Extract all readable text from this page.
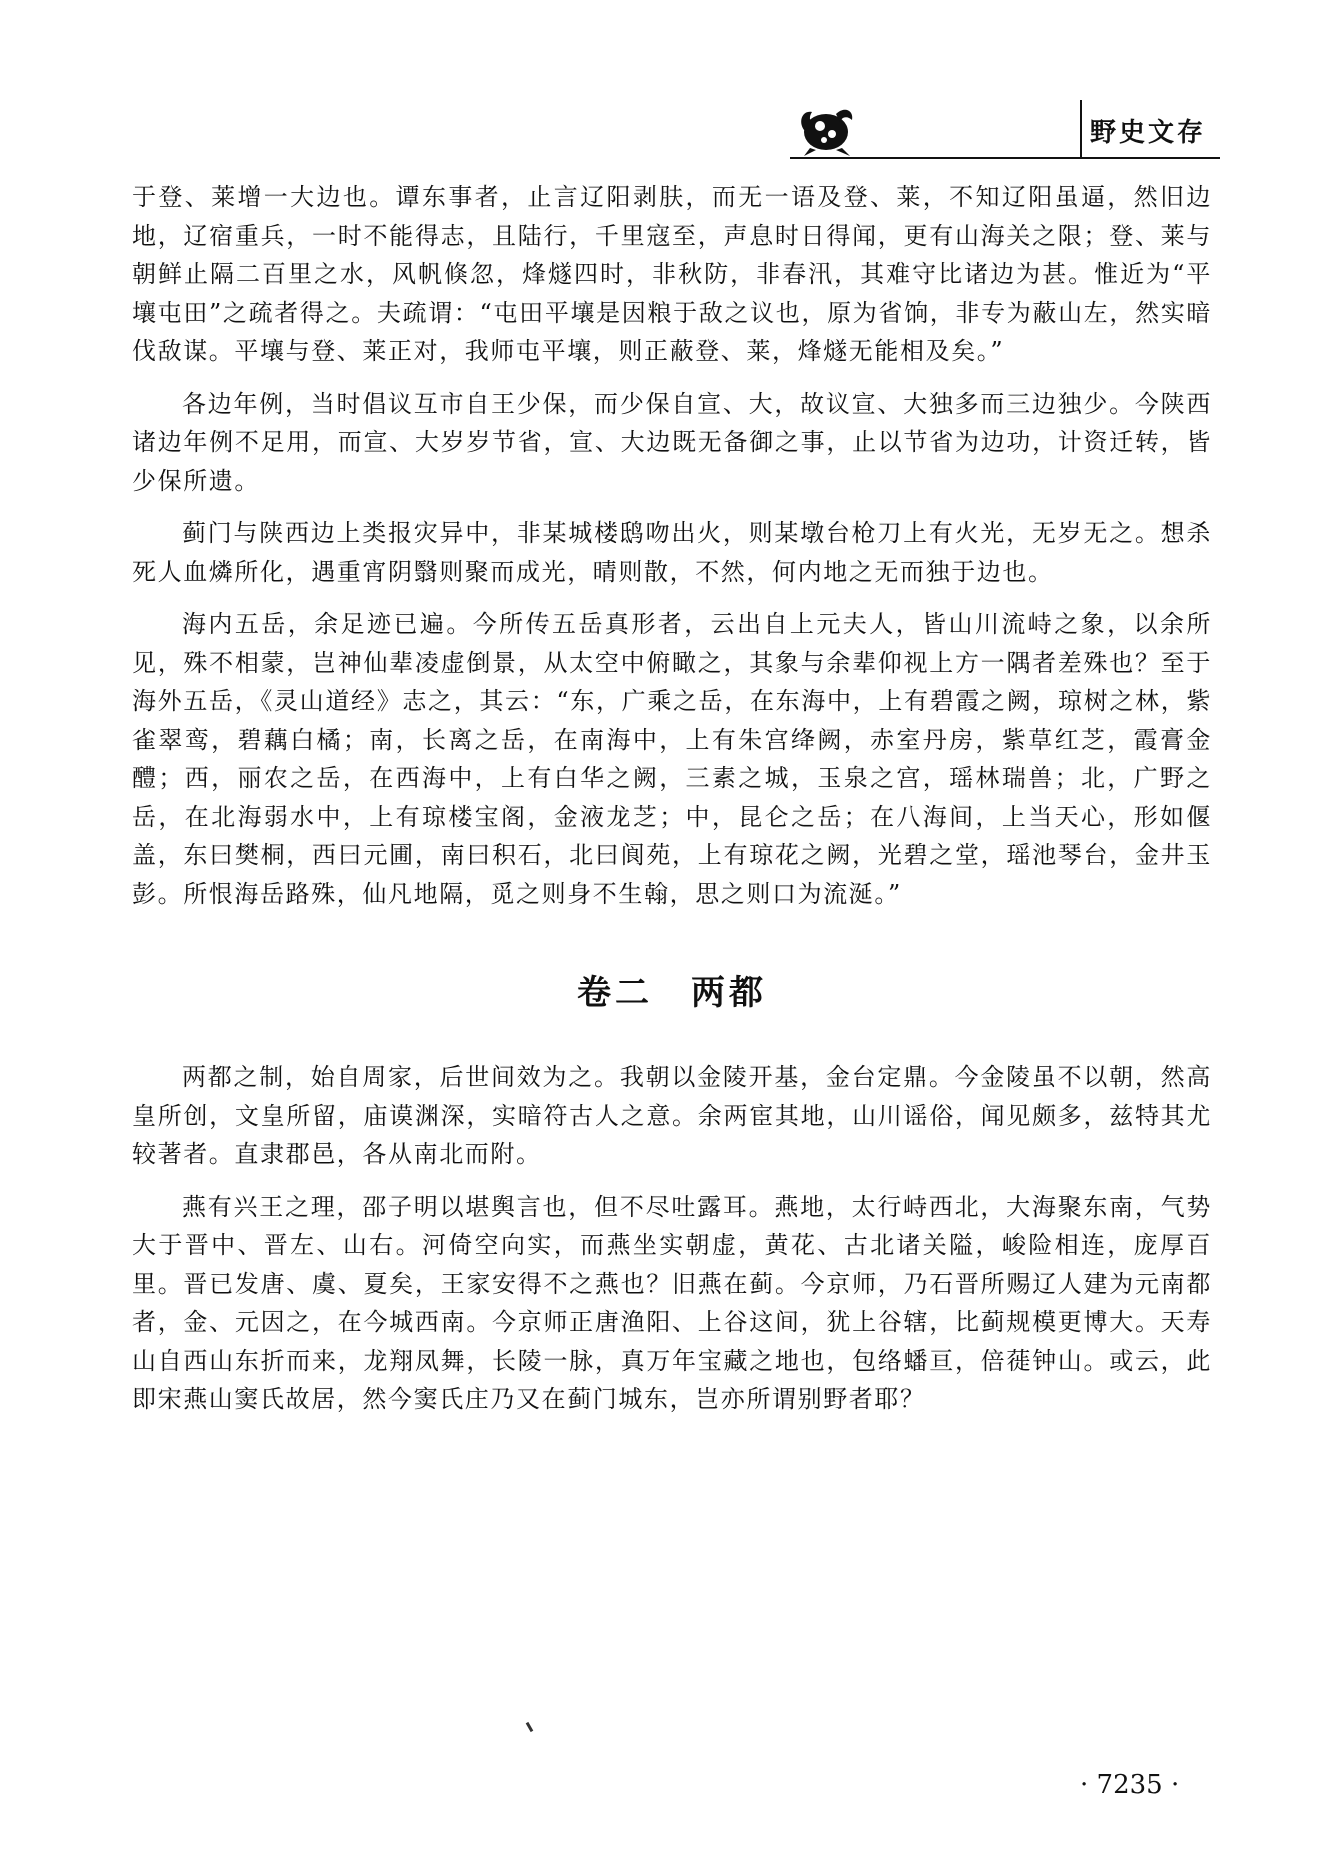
野史文存

于登、莱增一大边也。谭东事者，止言辽阳剥肤，而无一语及登、莱，不知辽阳虽逼，然旧边地，辽宿重兵，一时不能得志，且陆行，千里寇至，声息时日得闻，更有山海关之限；登、莱与朝鲜止隔二百里之水，风帆倏忽，烽燧四时，非秋防，非春汛，其难守比诸边为甚。惟近为“平壤屯田”之疏者得之。夫疏谓：“屯田平壤是因粮于敌之议也，原为省饷，非专为蔽山左，然实暗伐敌谋。平壤与登、莱正对，我师屯平壤，则正蔽登、莱，烽燧无能相及矣。”

各边年例，当时倡议互市自王少保，而少保自宣、大，故议宣、大独多而三边独少。今陕西诸边年例不足用，而宣、大岁岁节省，宣、大边既无备御之事，止以节省为边功，计资迁转，皆少保所遗。

蓟门与陕西边上类报灾异中，非某城楼鸱吻出火，则某墩台枪刀上有火光，无岁无之。想杀死人血燐所化，遇重宵阴翳则聚而成光，晴则散，不然，何内地之无而独于边也。

海内五岳，余足迹已遍。今所传五岳真形者，云出自上元夫人，皆山川流峙之象，以余所见，殊不相蒙，岂神仙辈凌虚倒景，从太空中俯瞰之，其象与余辈仰视上方一隅者差殊也？至于海外五岳，《灵山道经》志之，其云：“东，广乘之岳，在东海中，上有碧霞之阙，琼树之林，紫雀翠鸾，碧藕白橘；南，长离之岳，在南海中，上有朱宫绛阙，赤室丹房，紫草红芝，霞膏金醴；西，丽农之岳，在西海中，上有白华之阙，三素之城，玉泉之宫，瑶林瑞兽；北，广野之岳，在北海弱水中，上有琼楼宝阁，金液龙芝；中，昆仑之岳；在八海间，上当天心，形如偃盖，东曰樊桐，西曰元圃，南曰积石，北曰阆苑，上有琼花之阙，光碧之堂，瑶池琴台，金井玉彭。所恨海岳路殊，仙凡地隔，觅之则身不生翰，思之则口为流涎。”

卷二　两都

两都之制，始自周家，后世间效为之。我朝以金陵开基，金台定鼎。今金陵虽不以朝，然高皇所创，文皇所留，庙谟渊深，实暗符古人之意。余两宦其地，山川谣俗，闻见颇多，兹特其尤较著者。直隶郡邑，各从南北而附。

燕有兴王之理，邵子明以堪舆言也，但不尽吐露耳。燕地，太行峙西北，大海聚东南，气势大于晋中、晋左、山右。河倚空向实，而燕坐实朝虚，黄花、古北诸关隘，峻险相连，庞厚百里。晋已发唐、虞、夏矣，王家安得不之燕也？旧燕在蓟。今京师，乃石晋所赐辽人建为元南都者，金、元因之，在今城西南。今京师正唐渔阳、上谷这间，犹上谷辖，比蓟规模更博大。天寿山自西山东折而来，龙翔凤舞，长陵一脉，真万年宝藏之地也，包络蟠亘，倍蓰钟山。或云，此即宋燕山窦氏故居，然今窦氏庄乃又在蓟门城东，岂亦所谓别野者耶？

· 7235 ·
